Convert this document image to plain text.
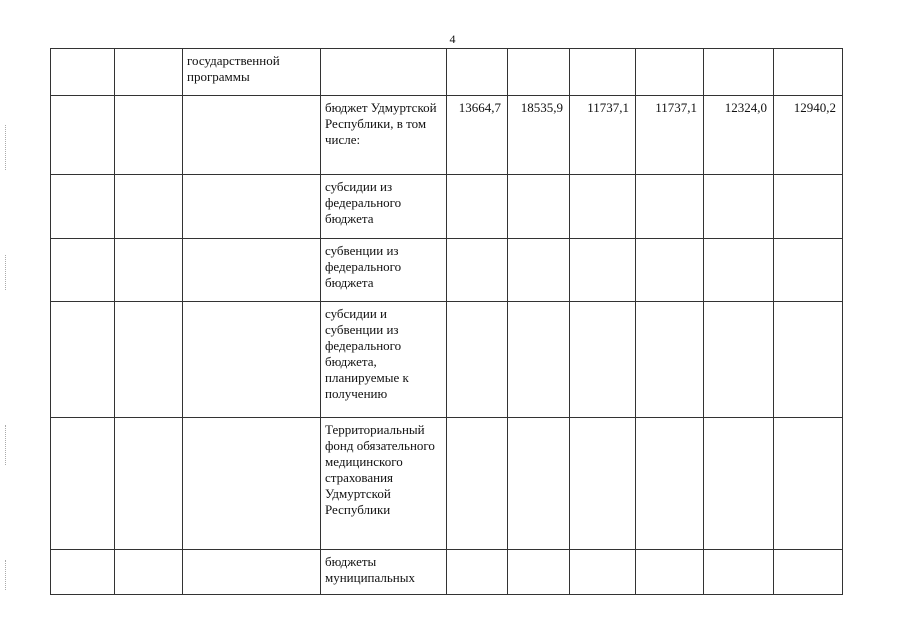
4
		государственной программы							
			бюджет Удмуртской Республики, в том числе:	13664,7	18535,9	11737,1	11737,1	12324,0	12940,2
			субсидии из федерального бюджета						
			субвенции из федерального бюджета						
			субсидии и субвенции из федерального бюджета, планируемые к получению						
			Территориальный фонд обязательного медицинского страхования Удмуртской Республики						
			бюджеты муниципальных						
